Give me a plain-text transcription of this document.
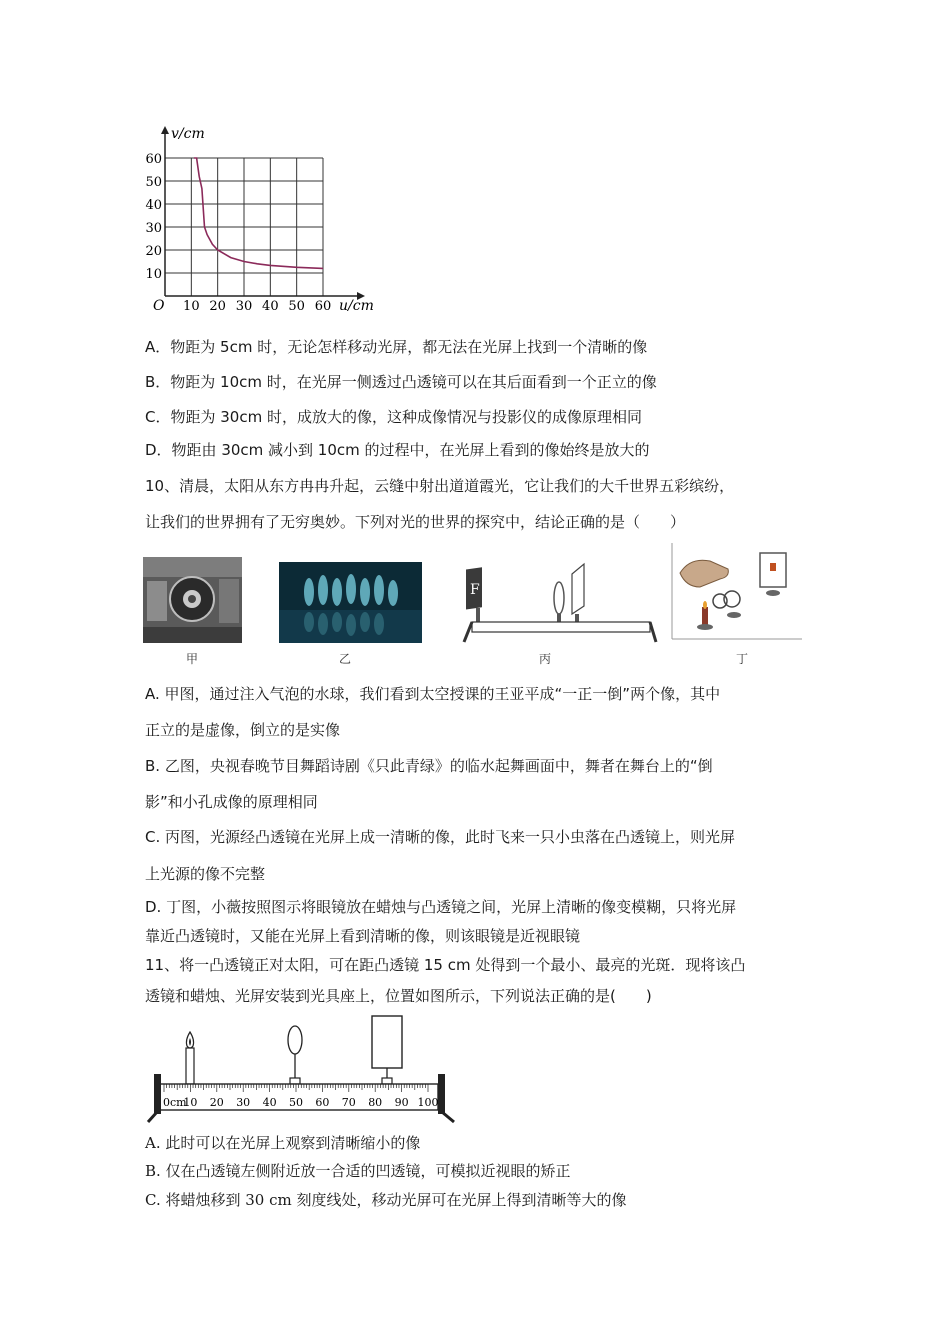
10 20 30 40 50 60
10
20
30
40
50
60
v/cm
u/cm
O
A．物距为 5cm 时，无论怎样移动光屏，都无法在光屏上找到一个清晰的像
B．物距为 10cm 时，在光屏一侧透过凸透镜可以在其后面看到一个正立的像
C．物距为 30cm 时，成放大的像，这种成像情况与投影仪的成像原理相同
D．物距由 30cm 减小到 10cm 的过程中，在光屏上看到的像始终是放大的
10、清晨，太阳从东方冉冉升起，云缝中射出道道霞光，它让我们的大千世界五彩缤纷，
让我们的世界拥有了无穷奥妙。下列对光的世界的探究中，结论正确的是（　　）
F
甲	乙	丙	丁
A. 甲图，通过注入气泡的水球，我们看到太空授课的王亚平成“一正一倒”两个像，其中
正立的是虚像，倒立的是实像
B. 乙图，央视春晚节目舞蹈诗剧《只此青绿》的临水起舞画面中，舞者在舞台上的“倒
影”和小孔成像的原理相同
C. 丙图，光源经凸透镜在光屏上成一清晰的像，此时飞来一只小虫落在凸透镜上，则光屏
上光源的像不完整
D. 丁图，小薇按照图示将眼镜放在蜡烛与凸透镜之间，光屏上清晰的像变模糊，只将光屏
靠近凸透镜时，又能在光屏上看到清晰的像，则该眼镜是近视眼镜
11、将一凸透镜正对太阳，可在距凸透镜 15 cm 处得到一个最小、最亮的光斑．现将该凸
透镜和蜡烛、光屏安装到光具座上，位置如图所示，下列说法正确的是(　　)
0cm
10 20 30 40 50 60 70 80 90 100
A. 此时可以在光屏上观察到清晰缩小的像
B. 仅在凸透镜左侧附近放一合适的凹透镜，可模拟近视眼的矫正
C. 将蜡烛移到 30 cm 刻度线处，移动光屏可在光屏上得到清晰等大的像
